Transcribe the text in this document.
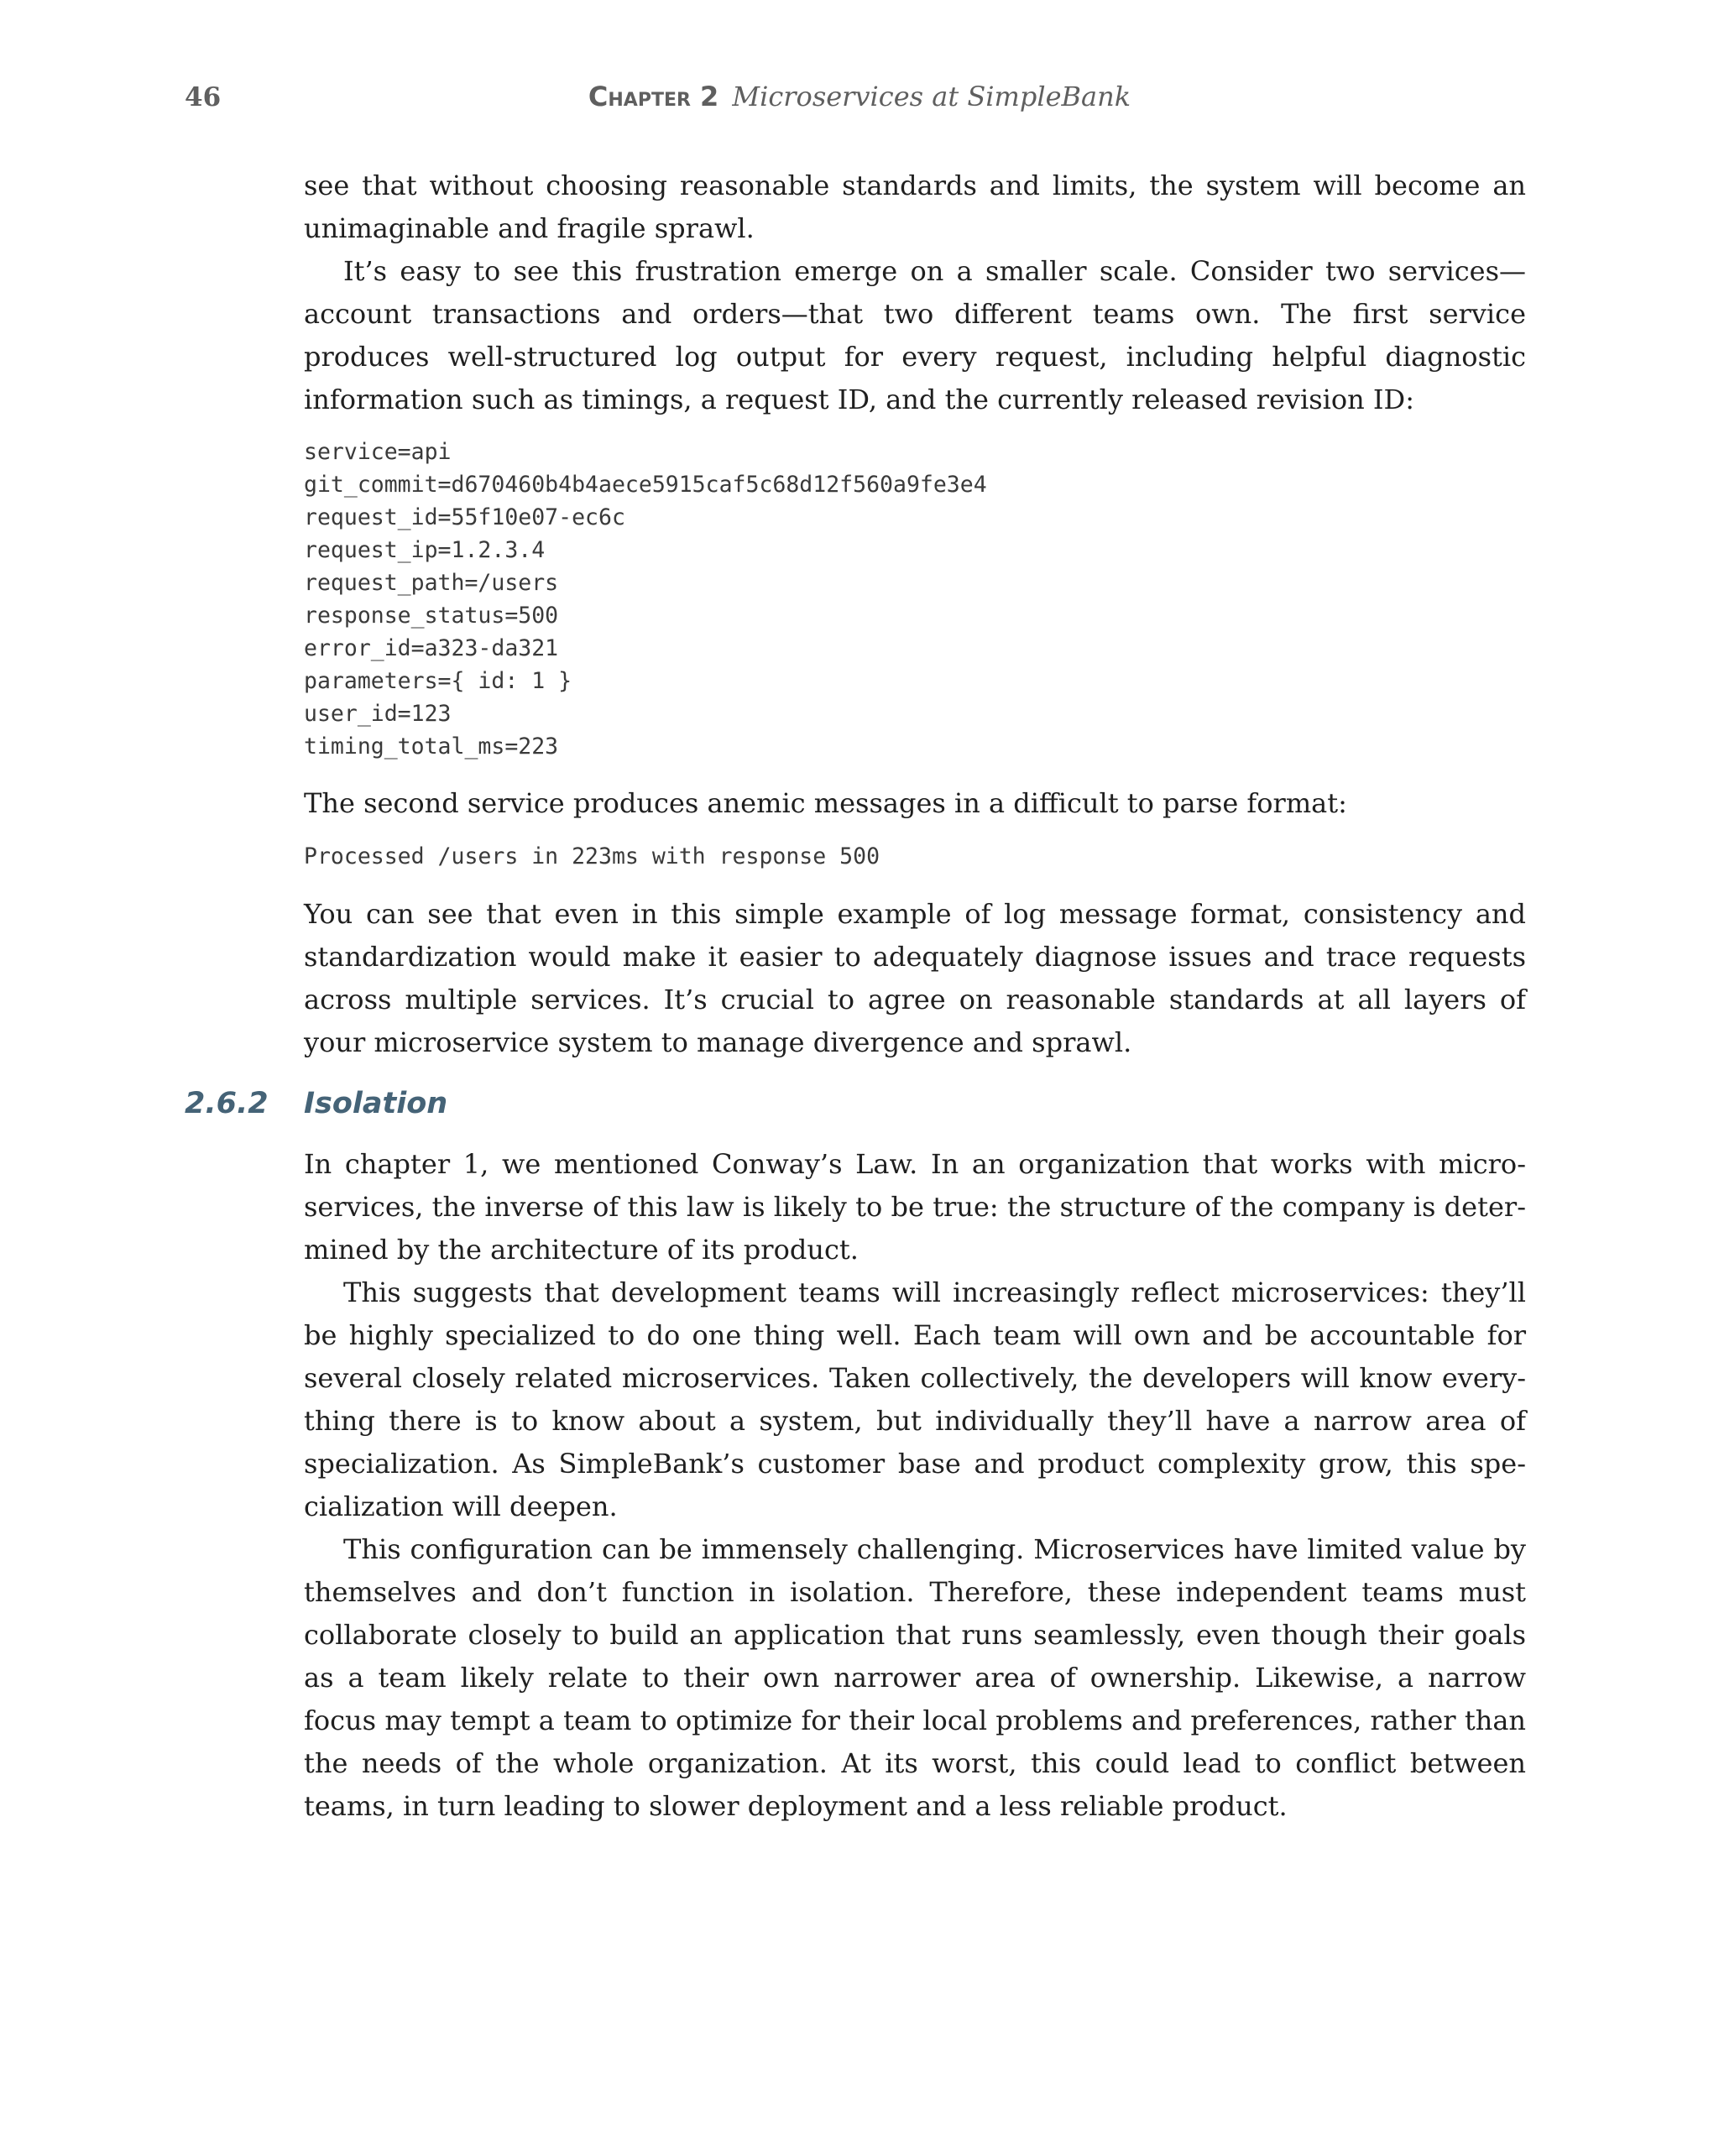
46	Chapter 2 Microservices at SimpleBank

see that without choosing reasonable standards and limits, the system will become an unimaginable and fragile sprawl.

It’s easy to see this frustration emerge on a smaller scale. Consider two services—account transactions and orders—that two different teams own. The first service produces well-structured log output for every request, including helpful diagnostic information such as timings, a request ID, and the currently released revision ID:

service=api
git_commit=d670460b4b4aece5915caf5c68d12f560a9fe3e4
request_id=55f10e07-ec6c
request_ip=1.2.3.4
request_path=/users
response_status=500
error_id=a323-da321
parameters={ id: 1 }
user_id=123
timing_total_ms=223

The second service produces anemic messages in a difficult to parse format:

Processed /users in 223ms with response 500

You can see that even in this simple example of log message format, consistency and standardization would make it easier to adequately diagnose issues and trace requests across multiple services. It’s crucial to agree on reasonable standards at all layers of your microservice system to manage divergence and sprawl.

2.6.2 Isolation

In chapter 1, we mentioned Conway’s Law. In an organization that works with microservices, the inverse of this law is likely to be true: the structure of the company is determined by the architecture of its product.

This suggests that development teams will increasingly reflect microservices: they’ll be highly specialized to do one thing well. Each team will own and be accountable for several closely related microservices. Taken collectively, the developers will know everything there is to know about a system, but individually they’ll have a narrow area of specialization. As SimpleBank’s customer base and product complexity grow, this specialization will deepen.

This configuration can be immensely challenging. Microservices have limited value by themselves and don’t function in isolation. Therefore, these independent teams must collaborate closely to build an application that runs seamlessly, even though their goals as a team likely relate to their own narrower area of ownership. Likewise, a narrow focus may tempt a team to optimize for their local problems and preferences, rather than the needs of the whole organization. At its worst, this could lead to conflict between teams, in turn leading to slower deployment and a less reliable product.
